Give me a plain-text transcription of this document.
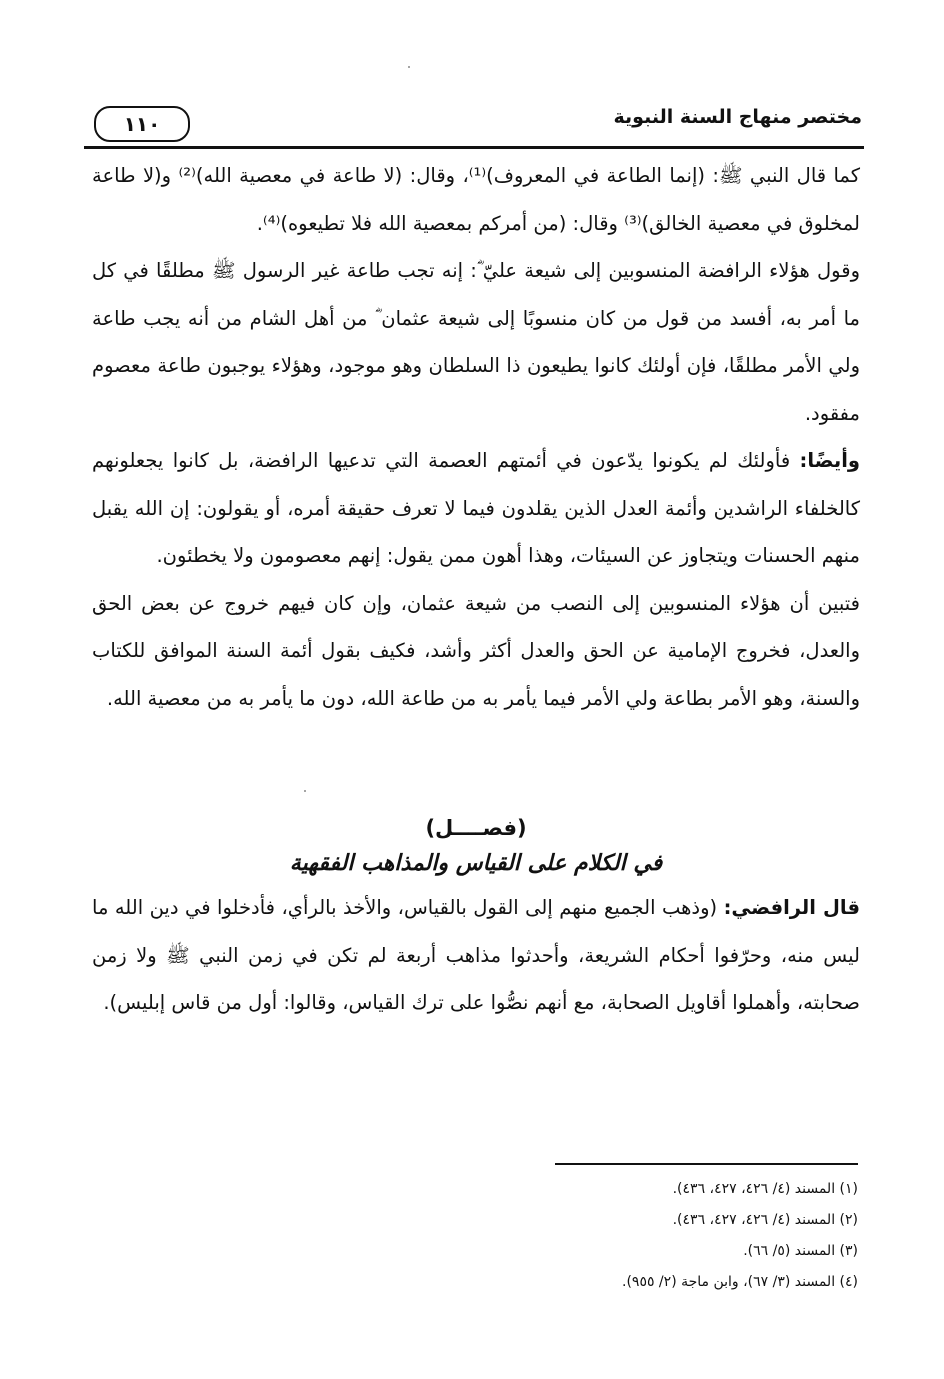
١١٠	مختصر منهاج السنة النبوية

كما قال النبي ﷺ: (إنما الطاعة في المعروف)⁽¹⁾، وقال: (لا طاعة في معصية الله)⁽²⁾ و(لا طاعة لمخلوق في معصية الخالق)⁽³⁾ وقال: (من أمركم بمعصية الله فلا تطيعوه)⁽⁴⁾.

وقول هؤلاء الرافضة المنسوبين إلى شيعة عليّ ؓ: إنه تجب طاعة غير الرسول ﷺ مطلقًا في كل ما أمر به، أفسد من قول من كان منسوبًا إلى شيعة عثمان ؓ من أهل الشام من أنه يجب طاعة ولي الأمر مطلقًا، فإن أولئك كانوا يطيعون ذا السلطان وهو موجود، وهؤلاء يوجبون طاعة معصوم مفقود.

وأيضًا: فأولئك لم يكونوا يدّعون في أئمتهم العصمة التي تدعيها الرافضة، بل كانوا يجعلونهم كالخلفاء الراشدين وأئمة العدل الذين يقلدون فيما لا تعرف حقيقة أمره، أو يقولون: إن الله يقبل منهم الحسنات ويتجاوز عن السيئات، وهذا أهون ممن يقول: إنهم معصومون ولا يخطئون.

فتبين أن هؤلاء المنسوبين إلى النصب من شيعة عثمان، وإن كان فيهم خروج عن بعض الحق والعدل، فخروج الإمامية عن الحق والعدل أكثر وأشد، فكيف بقول أئمة السنة الموافق للكتاب والسنة، وهو الأمر بطاعة ولي الأمر فيما يأمر به من طاعة الله، دون ما يأمر به من معصية الله.

(فصــــل)
في الكلام على القياس والمذاهب الفقهية

قال الرافضي: (وذهب الجميع منهم إلى القول بالقياس، والأخذ بالرأي، فأدخلوا في دين الله ما ليس منه، وحرّفوا أحكام الشريعة، وأحدثوا مذاهب أربعة لم تكن في زمن النبي ﷺ ولا زمن صحابته، وأهملوا أقاويل الصحابة، مع أنهم نصُّوا على ترك القياس، وقالوا: أول من قاس إبليس).

(١) المسند (٤/ ٤٢٦، ٤٢٧، ٤٣٦).
(٢) المسند (٤/ ٤٢٦، ٤٢٧، ٤٣٦).
(٣) المسند (٥/ ٦٦).
(٤) المسند (٣/ ٦٧)، وابن ماجة (٢/ ٩٥٥).
